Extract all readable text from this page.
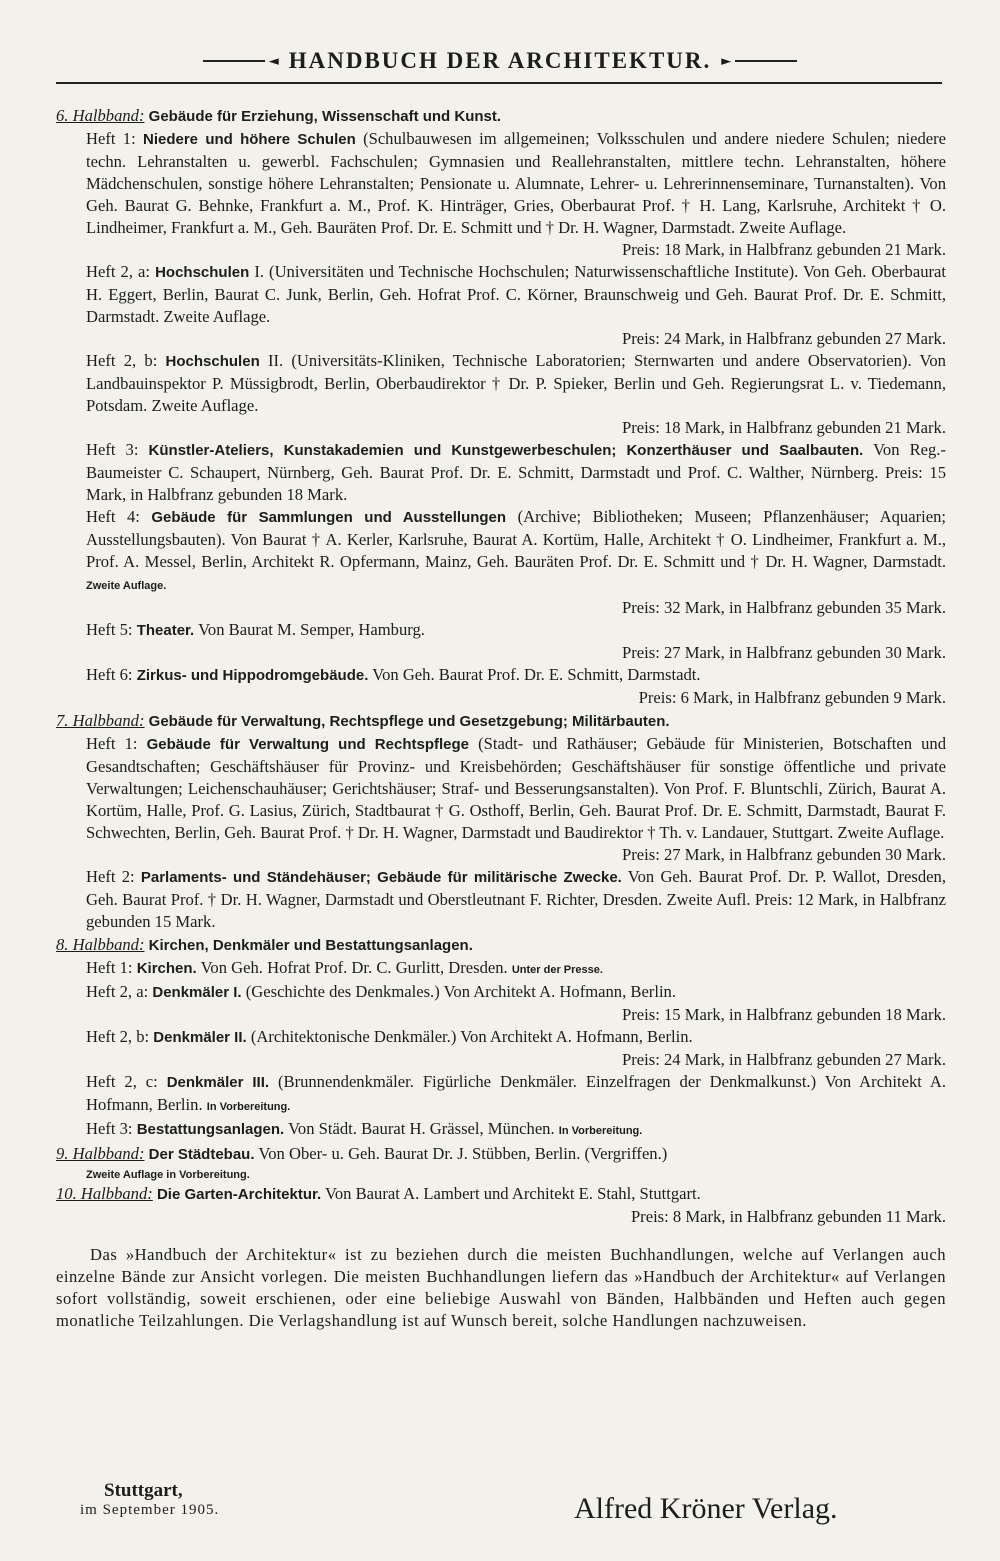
◄ HANDBUCH DER ARCHITEKTUR. ►

6. Halbband: Gebäude für Erziehung, Wissenschaft und Kunst.

Heft 1: Niedere und höhere Schulen (Schulbauwesen im allgemeinen; Volksschulen und andere niedere Schulen; niedere techn. Lehranstalten u. gewerbl. Fachschulen; Gymnasien und Reallehranstalten, mittlere techn. Lehranstalten, höhere Mädchenschulen, sonstige höhere Lehranstalten; Pensionate u. Alumnate, Lehrer- u. Lehrerinnenseminare, Turnanstalten). Von Geh. Baurat G. Behnke, Frankfurt a. M., Prof. K. Hinträger, Gries, Oberbaurat Prof. † H. Lang, Karlsruhe, Architekt † O. Lindheimer, Frankfurt a. M., Geh. Bauräten Prof. Dr. E. Schmitt und † Dr. H. Wagner, Darmstadt. Zweite Auflage.
Preis: 18 Mark, in Halbfranz gebunden 21 Mark.

Heft 2, a: Hochschulen I. (Universitäten und Technische Hochschulen; Naturwissenschaftliche Institute). Von Geh. Oberbaurat H. Eggert, Berlin, Baurat C. Junk, Berlin, Geh. Hofrat Prof. C. Körner, Braunschweig und Geh. Baurat Prof. Dr. E. Schmitt, Darmstadt. Zweite Auflage.
Preis: 24 Mark, in Halbfranz gebunden 27 Mark.

Heft 2, b: Hochschulen II. (Universitäts-Kliniken, Technische Laboratorien; Sternwarten und andere Observatorien). Von Landbauinspektor P. Müssigbrodt, Berlin, Oberbaudirektor † Dr. P. Spieker, Berlin und Geh. Regierungsrat L. v. Tiedemann, Potsdam. Zweite Auflage.
Preis: 18 Mark, in Halbfranz gebunden 21 Mark.

Heft 3: Künstler-Ateliers, Kunstakademien und Kunstgewerbeschulen; Konzerthäuser und Saalbauten. Von Reg.-Baumeister C. Schaupert, Nürnberg, Geh. Baurat Prof. Dr. E. Schmitt, Darmstadt und Prof. C. Walther, Nürnberg. Preis: 15 Mark, in Halbfranz gebunden 18 Mark.

Heft 4: Gebäude für Sammlungen und Ausstellungen (Archive; Bibliotheken; Museen; Pflanzenhäuser; Aquarien; Ausstellungsbauten). Von Baurat † A. Kerler, Karlsruhe, Baurat A. Kortüm, Halle, Architekt † O. Lindheimer, Frankfurt a. M., Prof. A. Messel, Berlin, Architekt R. Opfermann, Mainz, Geh. Bauräten Prof. Dr. E. Schmitt und † Dr. H. Wagner, Darmstadt. Zweite Auflage.
Preis: 32 Mark, in Halbfranz gebunden 35 Mark.

Heft 5: Theater. Von Baurat M. Semper, Hamburg.
Preis: 27 Mark, in Halbfranz gebunden 30 Mark.

Heft 6: Zirkus- und Hippodromgebäude. Von Geh. Baurat Prof. Dr. E. Schmitt, Darmstadt.
Preis: 6 Mark, in Halbfranz gebunden 9 Mark.

7. Halbband: Gebäude für Verwaltung, Rechtspflege und Gesetzgebung; Militärbauten.

Heft 1: Gebäude für Verwaltung und Rechtspflege (Stadt- und Rathäuser; Gebäude für Ministerien, Botschaften und Gesandtschaften; Geschäftshäuser für Provinz- und Kreisbehörden; Geschäftshäuser für sonstige öffentliche und private Verwaltungen; Leichenschauhäuser; Gerichtshäuser; Straf- und Besserungsanstalten). Von Prof. F. Bluntschli, Zürich, Baurat A. Kortüm, Halle, Prof. G. Lasius, Zürich, Stadtbaurat † G. Osthoff, Berlin, Geh. Baurat Prof. Dr. E. Schmitt, Darmstadt, Baurat F. Schwechten, Berlin, Geh. Baurat Prof. † Dr. H. Wagner, Darmstadt und Baudirektor † Th. v. Landauer, Stuttgart. Zweite Auflage.
Preis: 27 Mark, in Halbfranz gebunden 30 Mark.

Heft 2: Parlaments- und Ständehäuser; Gebäude für militärische Zwecke. Von Geh. Baurat Prof. Dr. P. Wallot, Dresden, Geh. Baurat Prof. † Dr. H. Wagner, Darmstadt und Oberstleutnant F. Richter, Dresden. Zweite Aufl. Preis: 12 Mark, in Halbfranz gebunden 15 Mark.

8. Halbband: Kirchen, Denkmäler und Bestattungsanlagen.

Heft 1: Kirchen. Von Geh. Hofrat Prof. Dr. C. Gurlitt, Dresden. Unter der Presse.

Heft 2, a: Denkmäler I. (Geschichte des Denkmales.) Von Architekt A. Hofmann, Berlin.
Preis: 15 Mark, in Halbfranz gebunden 18 Mark.

Heft 2, b: Denkmäler II. (Architektonische Denkmäler.) Von Architekt A. Hofmann, Berlin.
Preis: 24 Mark, in Halbfranz gebunden 27 Mark.

Heft 2, c: Denkmäler III. (Brunnendenkmäler. Figürliche Denkmäler. Einzelfragen der Denkmalkunst.) Von Architekt A. Hofmann, Berlin. In Vorbereitung.

Heft 3: Bestattungsanlagen. Von Städt. Baurat H. Grässel, München. In Vorbereitung.

9. Halbband: Der Städtebau. Von Ober- u. Geh. Baurat Dr. J. Stübben, Berlin. (Vergriffen.)

Zweite Auflage in Vorbereitung.

10. Halbband: Die Garten-Architektur. Von Baurat A. Lambert und Architekt E. Stahl, Stuttgart.
Preis: 8 Mark, in Halbfranz gebunden 11 Mark.

Das »Handbuch der Architektur« ist zu beziehen durch die meisten Buchhandlungen, welche auf Verlangen auch einzelne Bände zur Ansicht vorlegen. Die meisten Buchhandlungen liefern das »Handbuch der Architektur« auf Verlangen sofort vollständig, soweit erschienen, oder eine beliebige Auswahl von Bänden, Halbbänden und Heften auch gegen monatliche Teilzahlungen. Die Verlagshandlung ist auf Wunsch bereit, solche Handlungen nachzuweisen.

Stuttgart,
im September 1905.	Alfred Kröner Verlag.
